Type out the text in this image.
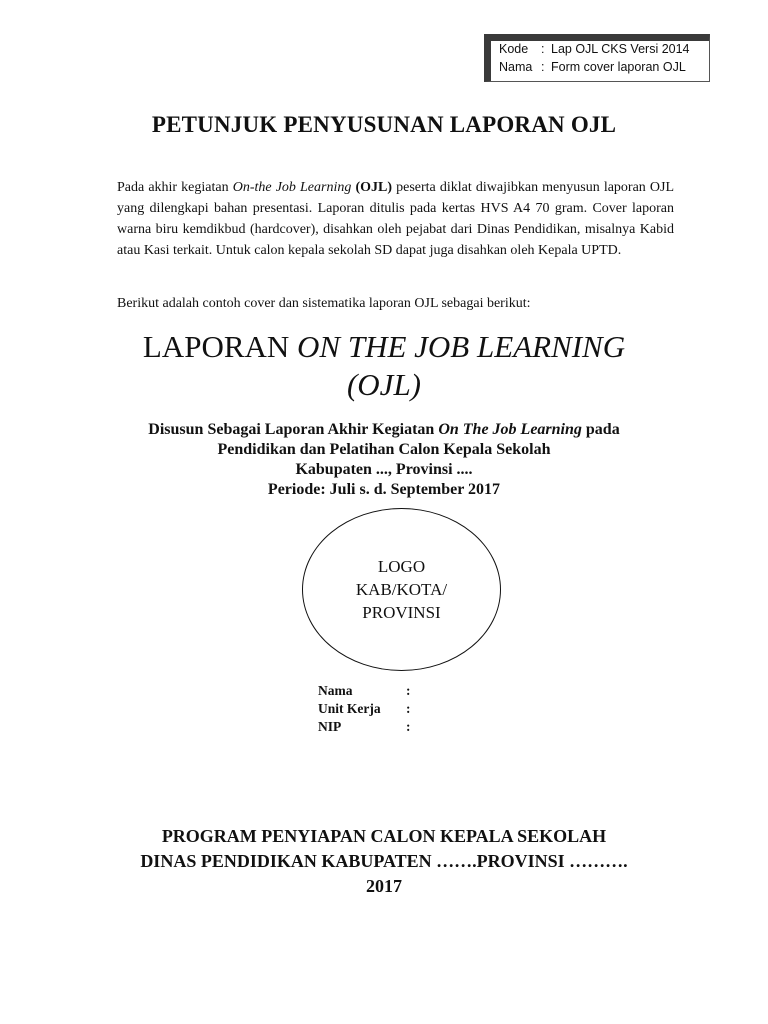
Kode	: Lap OJL CKS Versi 2014
Nama : Form cover laporan OJL
PETUNJUK PENYUSUNAN LAPORAN OJL

Pada akhir kegiatan On-the Job Learning (OJL) peserta diklat diwajibkan menyusun laporan OJL yang dilengkapi bahan presentasi. Laporan ditulis pada kertas HVS A4 70 gram. Cover laporan warna biru kemdikbud (hardcover), disahkan oleh pejabat dari Dinas Pendidikan, misalnya Kabid atau Kasi terkait. Untuk calon kepala sekolah SD dapat juga disahkan oleh Kepala UPTD.

Berikut adalah contoh cover dan sistematika laporan OJL sebagai berikut:

LAPORAN ON THE JOB LEARNING
(OJL)
Disusun Sebagai Laporan Akhir Kegiatan On The Job Learning pada
Pendidikan dan Pelatihan Calon Kepala Sekolah
Kabupaten ..., Provinsi ....
Periode: Juli s. d. September 2017
LOGO
KAB/KOTA/
PROVINSI
Nama	:
Unit Kerja	:
NIP	:
PROGRAM PENYIAPAN CALON KEPALA SEKOLAH
DINAS PENDIDIKAN KABUPATEN …….PROVINSI ……….
2017
